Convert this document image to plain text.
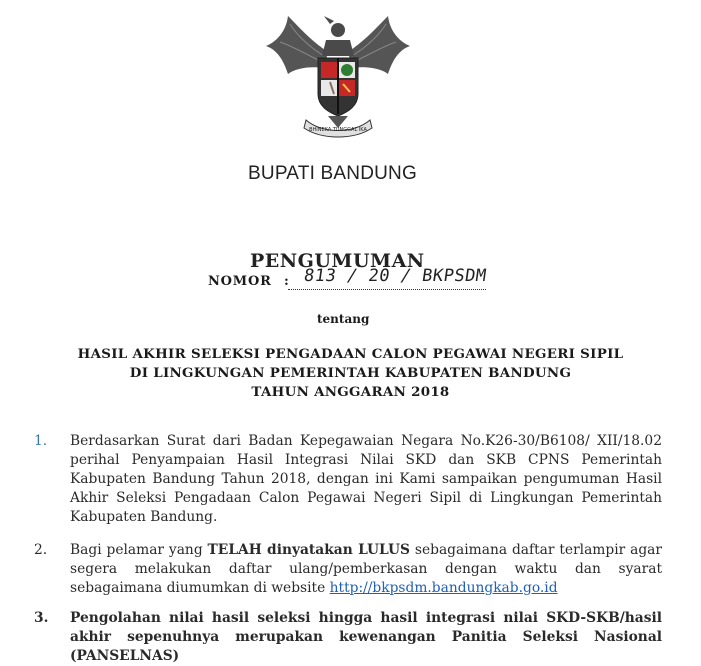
BHINEKA TUNGGAL IKA
BUPATI BANDUNG
PENGUMUMAN
NOMOR : 813 / 20 / BKPSDM
tentang
HASIL AKHIR SELEKSI PENGADAAN CALON PEGAWAI NEGERI SIPIL
DI LINGKUNGAN PEMERINTAH KABUPATEN BANDUNG
TAHUN ANGGARAN 2018
1. Berdasarkan Surat dari Badan Kepegawaian Negara No.K26-30/B6108/ XII/18.02 perihal Penyampaian Hasil Integrasi Nilai SKD dan SKB CPNS Pemerintah Kabupaten Bandung Tahun 2018, dengan ini Kami sampaikan pengumuman Hasil Akhir Seleksi Pengadaan Calon Pegawai Negeri Sipil di Lingkungan Pemerintah Kabupaten Bandung.
2. Bagi pelamar yang TELAH dinyatakan LULUS sebagaimana daftar terlampir agar segera melakukan daftar ulang/pemberkasan dengan waktu dan syarat sebagaimana diumumkan di website http://bkpsdm.bandungkab.go.id
3. Pengolahan nilai hasil seleksi hingga hasil integrasi nilai SKD-SKB/hasil akhir sepenuhnya merupakan kewenangan Panitia Seleksi Nasional (PANSELNAS)
